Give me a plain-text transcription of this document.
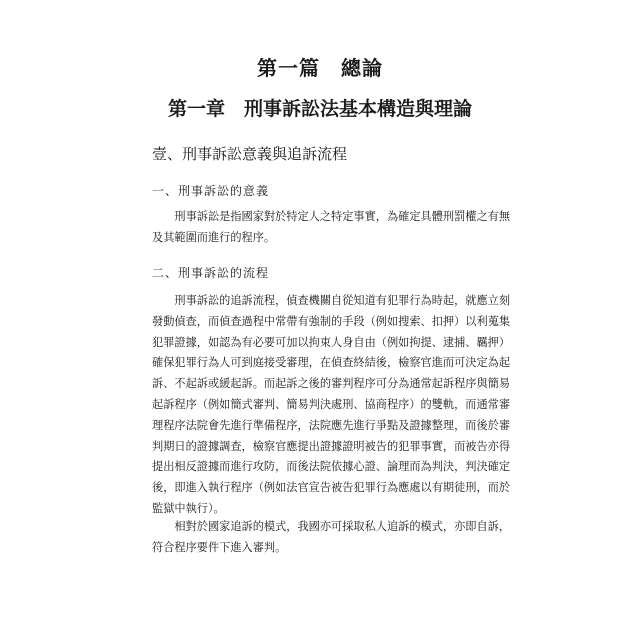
第一篇　總論
第一章　刑事訴訟法基本構造與理論
壹、刑事訴訟意義與追訴流程
一、刑事訴訟的意義
　　刑事訴訟是指國家對於特定人之特定事實，為確定具體刑罰權之有無
及其範圍而進行的程序。
二、刑事訴訟的流程
　　刑事訴訟的追訴流程，偵查機關自從知道有犯罪行為時起，就應立刻
發動偵查，而偵查過程中常帶有強制的手段（例如搜索、扣押）以利蒐集
犯罪證據，如認為有必要可加以拘束人身自由（例如拘提、逮捕、羈押）
確保犯罪行為人可到庭接受審理，在偵查終結後，檢察官進而可決定為起
訴、不起訴或緩起訴。而起訴之後的審判程序可分為通常起訴程序與簡易
起訴程序（例如簡式審判、簡易判決處刑、協商程序）的雙軌，而通常審
理程序法院會先進行準備程序，法院應先進行爭點及證據整理，而後於審
判期日的證據調查，檢察官應提出證據證明被告的犯罪事實，而被告亦得
提出相反證據而進行攻防，而後法院依據心證、論理而為判決，判決確定
後，即進入執行程序（例如法官宣告被告犯罪行為應處以有期徒刑，而於
監獄中執行）。
　　相對於國家追訴的模式，我國亦可採取私人追訴的模式，亦即自訴，
符合程序要件下進入審判。
